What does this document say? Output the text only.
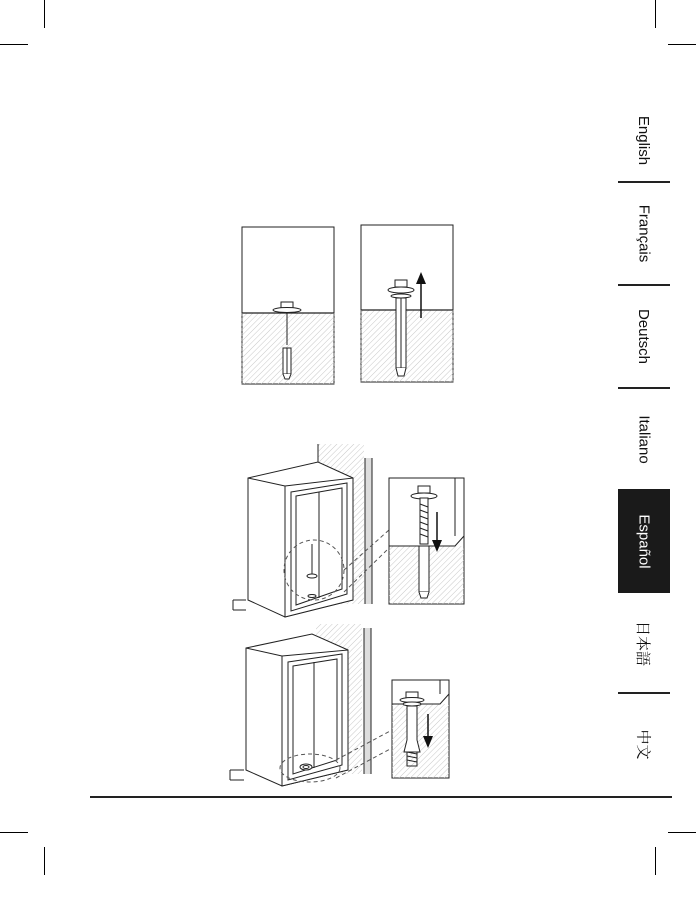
English
Français
Deutsch
Italiano
Español
日本語
中文
